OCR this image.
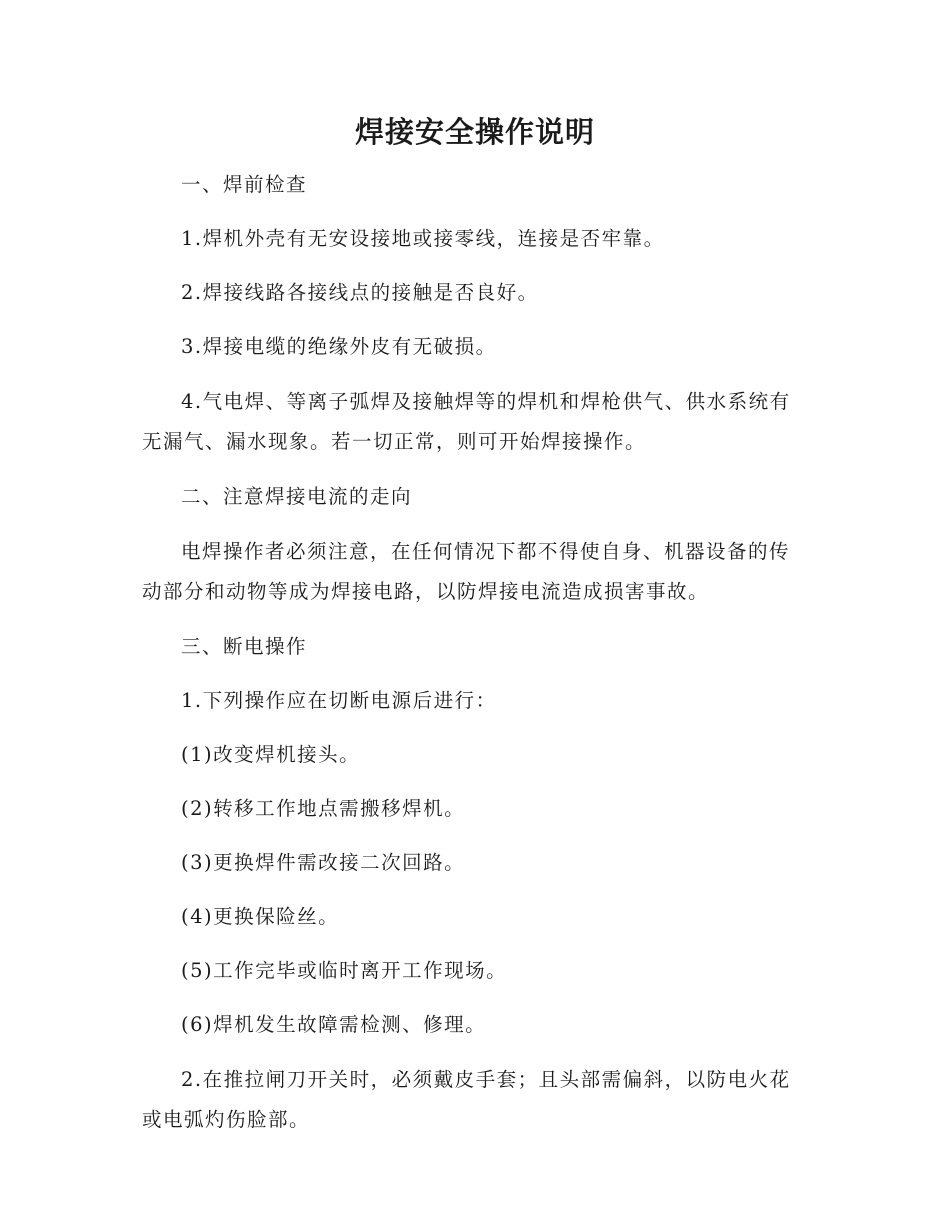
焊接安全操作说明

一、焊前检查

1.焊机外壳有无安设接地或接零线，连接是否牢靠。

2.焊接线路各接线点的接触是否良好。

3.焊接电缆的绝缘外皮有无破损。

4.气电焊、等离子弧焊及接触焊等的焊机和焊枪供气、供水系统有无漏气、漏水现象。若一切正常，则可开始焊接操作。

二、注意焊接电流的走向

电焊操作者必须注意，在任何情况下都不得使自身、机器设备的传动部分和动物等成为焊接电路，以防焊接电流造成损害事故。

三、断电操作

1.下列操作应在切断电源后进行：

(1)改变焊机接头。

(2)转移工作地点需搬移焊机。

(3)更换焊件需改接二次回路。

(4)更换保险丝。

(5)工作完毕或临时离开工作现场。

(6)焊机发生故障需检测、修理。

2.在推拉闸刀开关时，必须戴皮手套；且头部需偏斜，以防电火花或电弧灼伤脸部。
